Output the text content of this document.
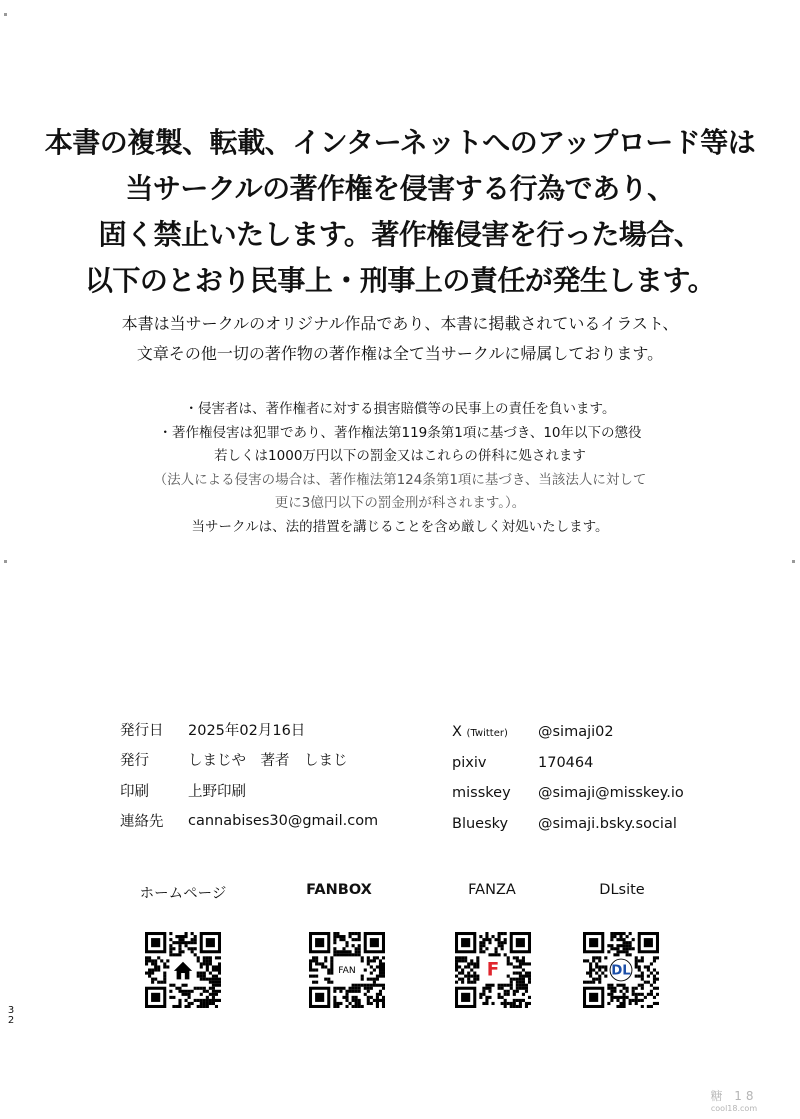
本書の複製、転載、インターネットへのアップロード等は
当サークルの著作権を侵害する行為であり、
固く禁止いたします。著作権侵害を行った場合、
以下のとおり民事上・刑事上の責任が発生します。
本書は当サークルのオリジナル作品であり、本書に掲載されているイラスト、
文章その他一切の著作物の著作権は全て当サークルに帰属しております。
・侵害者は、著作権者に対する損害賠償等の民事上の責任を負います。
・著作権侵害は犯罪であり、著作権法第119条第1項に基づき、10年以下の懲役
若しくは1000万円以下の罰金又はこれらの併科に処されます
（法人による侵害の場合は、著作権法第124条第1項に基づき、当該法人に対して
更に3億円以下の罰金刑が科されます。）。
当サークルは、法的措置を講じることを含め厳しく対処いたします。
発行日	2025年02月16日
発行	しまじや　著者　しまじ
印刷	上野印刷
連絡先	cannabises30@gmail.com
X (Twitter)	@simaji02
pixiv	170464
misskey	@simaji@misskey.io
Bluesky	@simaji.bsky.social
ホームページ	FANBOX	FANZA	DLsite
FAN	F	DL
3
2
糖 18
cool18.com
